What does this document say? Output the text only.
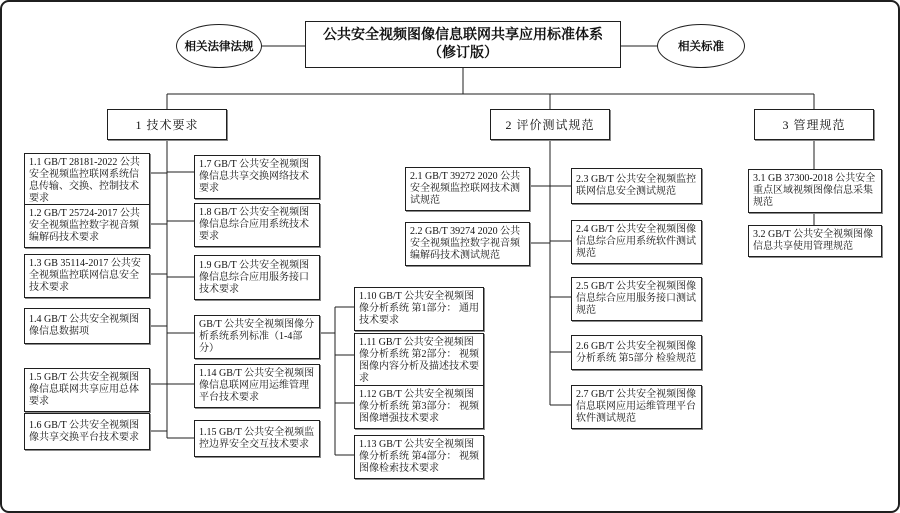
相关法律法规
公共安全视频图像信息联网共享应用标准体系
（修订版）	相关标准
1 技术要求	2 评价测试规范	3 管理规范
1.1 GB/T 28181-2022 公共安全视频监控联网系统信息传输、交换、控制技术要求
1.2 GB/T 25724-2017 公共安全视频监控数字视音频编解码技术要求
1.3 GB 35114-2017 公共安全视频监控联网信息安全技术要求
1.4 GB/T 公共安全视频图像信息数据项
1.5 GB/T 公共安全视频图像信息联网共享应用总体要求
1.6 GB/T 公共安全视频图像共享交换平台技术要求
1.7 GB/T 公共安全视频图像信息共享交换网络技术要求
1.8 GB/T 公共安全视频图像信息综合应用系统技术要求
1.9 GB/T 公共安全视频图像信息综合应用服务接口技术要求
GB/T 公共安全视频图像分析系统系列标准（1-4部分）
1.14 GB/T 公共安全视频图像信息联网应用运维管理平台技术要求
1.15 GB/T 公共安全视频监控边界安全交互技术要求
1.10 GB/T 公共安全视频图像分析系统 第1部分： 通用技术要求
1.11 GB/T 公共安全视频图像分析系统 第2部分： 视频图像内容分析及描述技术要求
1.12 GB/T 公共安全视频图像分析系统 第3部分： 视频图像增强技术要求
1.13 GB/T 公共安全视频图像分析系统 第4部分： 视频图像检索技术要求
2.1 GB/T 39272 2020 公共安全视频监控联网技术测试规范
2.2 GB/T 39274 2020 公共安全视频监控数字视音频编解码技术测试规范
2.3 GB/T 公共安全视频监控联网信息安全测试规范
2.4 GB/T 公共安全视频图像信息综合应用系统软件测试规范
2.5 GB/T 公共安全视频图像信息综合应用服务接口测试规范
2.6 GB/T 公共安全视频图像分析系统 第5部分 检验规范
2.7 GB/T 公共安全视频图像信息联网应用运维管理平台软件测试规范
3.1 GB 37300-2018 公共安全重点区域视频图像信息采集规范
3.2 GB/T 公共安全视频图像信息共享使用管理规范
